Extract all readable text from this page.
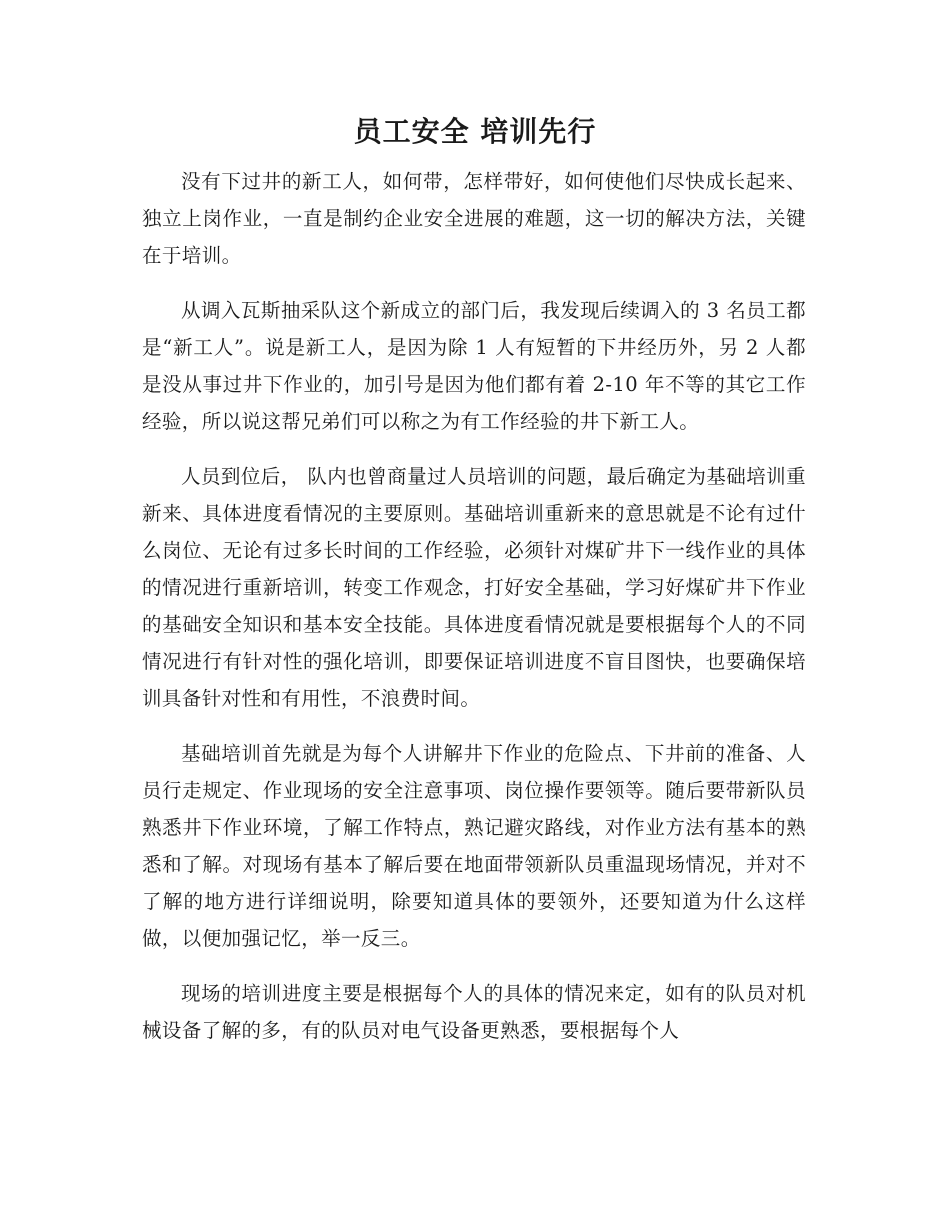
员工安全 培训先行

没有下过井的新工人，如何带，怎样带好，如何使他们尽快成长起来、独立上岗作业，一直是制约企业安全进展的难题，这一切的解决方法，关键在于培训。

从调入瓦斯抽采队这个新成立的部门后，我发现后续调入的 3 名员工都是“新工人”。说是新工人，是因为除 1 人有短暂的下井经历外，另 2 人都是没从事过井下作业的，加引号是因为他们都有着 2-10 年不等的其它工作经验，所以说这帮兄弟们可以称之为有工作经验的井下新工人。

人员到位后， 队内也曾商量过人员培训的问题，最后确定为基础培训重新来、具体进度看情况的主要原则。基础培训重新来的意思就是不论有过什么岗位、无论有过多长时间的工作经验，必须针对煤矿井下一线作业的具体的情况进行重新培训，转变工作观念，打好安全基础，学习好煤矿井下作业的基础安全知识和基本安全技能。具体进度看情况就是要根据每个人的不同情况进行有针对性的强化培训，即要保证培训进度不盲目图快，也要确保培训具备针对性和有用性，不浪费时间。

基础培训首先就是为每个人讲解井下作业的危险点、下井前的准备、人员行走规定、作业现场的安全注意事项、岗位操作要领等。随后要带新队员熟悉井下作业环境，了解工作特点，熟记避灾路线，对作业方法有基本的熟悉和了解。对现场有基本了解后要在地面带领新队员重温现场情况，并对不了解的地方进行详细说明，除要知道具体的要领外，还要知道为什么这样做，以便加强记忆，举一反三。

现场的培训进度主要是根据每个人的具体的情况来定，如有的队员对机械设备了解的多，有的队员对电气设备更熟悉，要根据每个人
